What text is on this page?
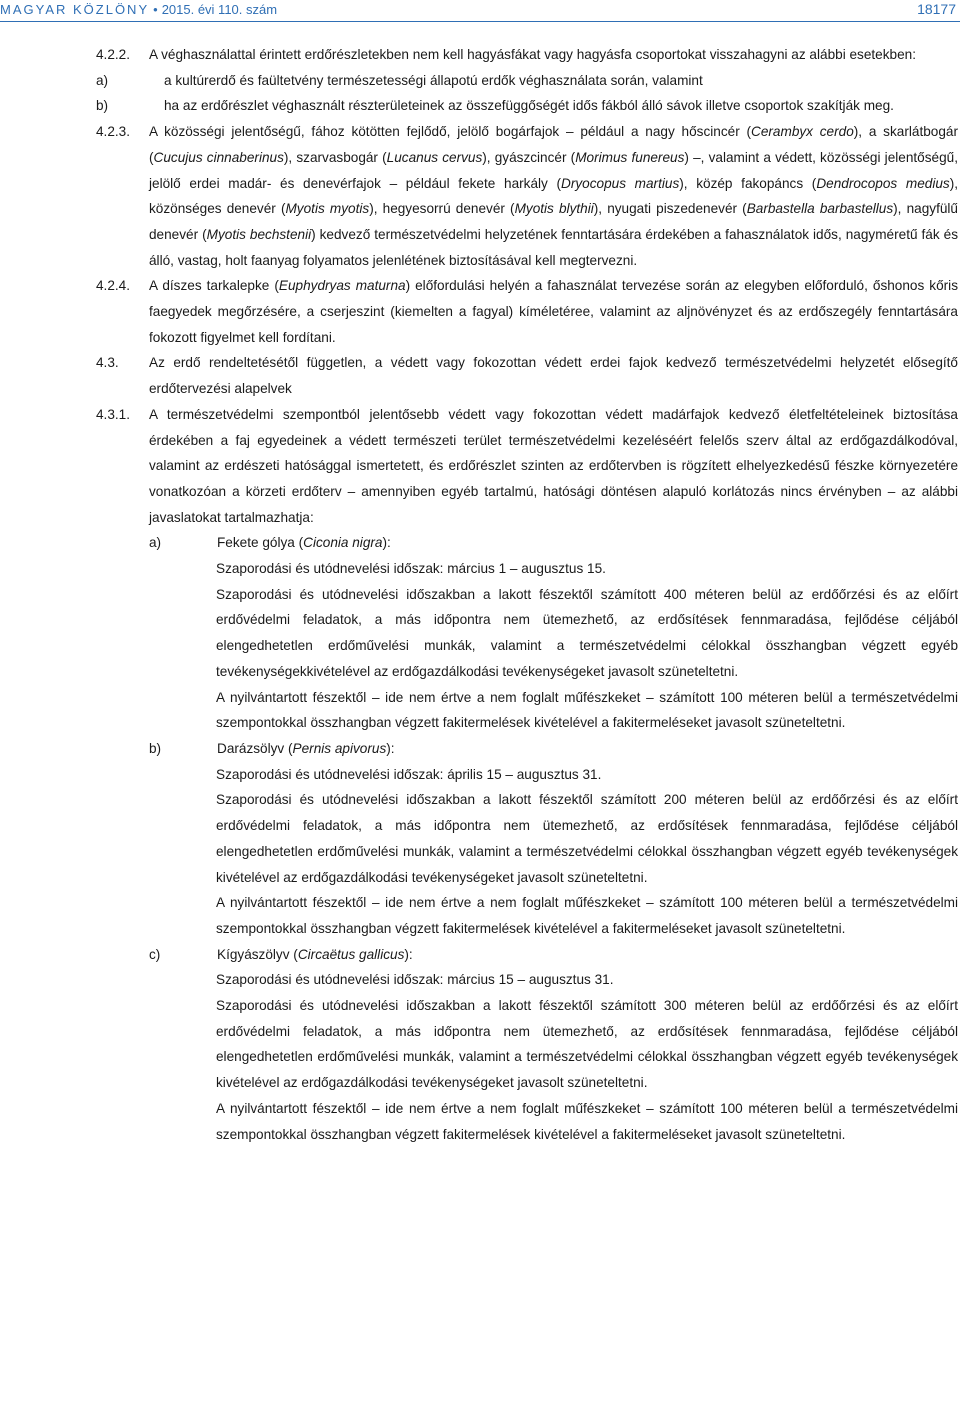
MAGYAR KÖZLÖNY • 2015. évi 110. szám	18177
4.2.2. A véghasználattal érintett erdőrészletekben nem kell hagyásfákat vagy hagyásfa csoportokat visszahagyni az alábbi esetekben:
a)	a kultúrerdő és faültetvény természetességi állapotú erdők véghasználata során, valamint
b)	ha az erdőrészlet véghasznált részterületeinek az összefüggőségét idős fákból álló sávok illetve csoportok szakítják meg.
4.2.3. A közösségi jelentőségű, fához kötötten fejlődő, jelölő bogárfajok – például a nagy hőscincér (Cerambyx cerdo), a skarlátbogár (Cucujus cinnaberinus), szarvasbogár (Lucanus cervus), gyászcincér (Morimus funereus) –, valamint a védett, közösségi jelentőségű, jelölő erdei madár- és denevérfajok – például fekete harkály (Dryocopus martius), közép fakopáncs (Dendrocopos medius), közönséges denevér (Myotis myotis), hegyesorrú denevér (Myotis blythii), nyugati piszedenevér (Barbastella barbastellus), nagyfülű denevér (Myotis bechstenii) kedvező természetvédelmi helyzetének fenntartására érdekében a fahasználatok idős, nagyméretű fák és álló, vastag, holt faanyag folyamatos jelenlétének biztosításával kell megtervezni.
4.2.4. A díszes tarkalepke (Euphydryas maturna) előfordulási helyén a fahasználat tervezése során az elegyben előforduló, őshonos kőris faegyedek megőrzésére, a cserjeszint (kiemelten a fagyal) kíméletéree, valamint az aljnövényzet és az erdőszegély fenntartására fokozott figyelmet kell fordítani.
4.3. Az erdő rendeltetésétől független, a védett vagy fokozottan védett erdei fajok kedvező természetvédelmi helyzetét elősegítő erdőtervezési alapelvek
4.3.1. A természetvédelmi szempontból jelentősebb védett vagy fokozottan védett madárfajok kedvező életfeltételeinek biztosítása érdekében a faj egyedeinek a védett természeti terület természetvédelmi kezeléséért felelős szerv által az erdőgazdálkodóval, valamint az erdészeti hatósággal ismertetett, és erdőrészlet szinten az erdőtervben is rögzített elhelyezkedésű fészke környezetére vonatkozóan a körzeti erdőterv – amennyiben egyéb tartalmú, hatósági döntésen alapuló korlátozás nincs érvényben – az alábbi javaslatokat tartalmazhatja:
a)	Fekete gólya (Ciconia nigra):
Szaporodási és utódnevelési időszak: március 1 – augusztus 15.
Szaporodási és utódnevelési időszakban a lakott fészektől számított 400 méteren belül az erdőőrzési és az előírt erdővédelmi feladatok, a más időpontra nem ütemezhető, az erdősítések fennmaradása, fejlődése céljából elengedhetetlen erdőművelési munkák, valamint a természetvédelmi célokkal összhangban végzett egyéb tevékenységekkivételével az erdőgazdálkodási tevékenységeket javasolt szüneteltetni.
A nyilvántartott fészektől – ide nem értve a nem foglalt műfészkeket – számított 100 méteren belül a természetvédelmi szempontokkal összhangban végzett fakitermelések kivételével a fakitermeléseket javasolt szüneteltetni.
b)	Darázsölyv (Pernis apivorus):
Szaporodási és utódnevelési időszak: április 15 – augusztus 31.
Szaporodási és utódnevelési időszakban a lakott fészektől számított 200 méteren belül az erdőőrzési és az előírt erdővédelmi feladatok, a más időpontra nem ütemezhető, az erdősítések fennmaradása, fejlődése céljából elengedhetetlen erdőművelési munkák, valamint a természetvédelmi célokkal összhangban végzett egyéb tevékenységek kivételével az erdőgazdálkodási tevékenységeket javasolt szüneteltetni.
A nyilvántartott fészektől – ide nem értve a nem foglalt műfészkeket – számított 100 méteren belül a természetvédelmi szempontokkal összhangban végzett fakitermelések kivételével a fakitermeléseket javasolt szüneteltetni.
c)	Kígyászölyv (Circaëtus gallicus):
Szaporodási és utódnevelési időszak: március 15 – augusztus 31.
Szaporodási és utódnevelési időszakban a lakott fészektől számított 300 méteren belül az erdőőrzési és az előírt erdővédelmi feladatok, a más időpontra nem ütemezhető, az erdősítések fennmaradása, fejlődése céljából elengedhetetlen erdőművelési munkák, valamint a természetvédelmi célokkal összhangban végzett egyéb tevékenységek kivételével az erdőgazdálkodási tevékenységeket javasolt szüneteltetni.
A nyilvántartott fészektől – ide nem értve a nem foglalt műfészkeket – számított 100 méteren belül a természetvédelmi szempontokkal összhangban végzett fakitermelések kivételével a fakitermeléseket javasolt szüneteltetni.
